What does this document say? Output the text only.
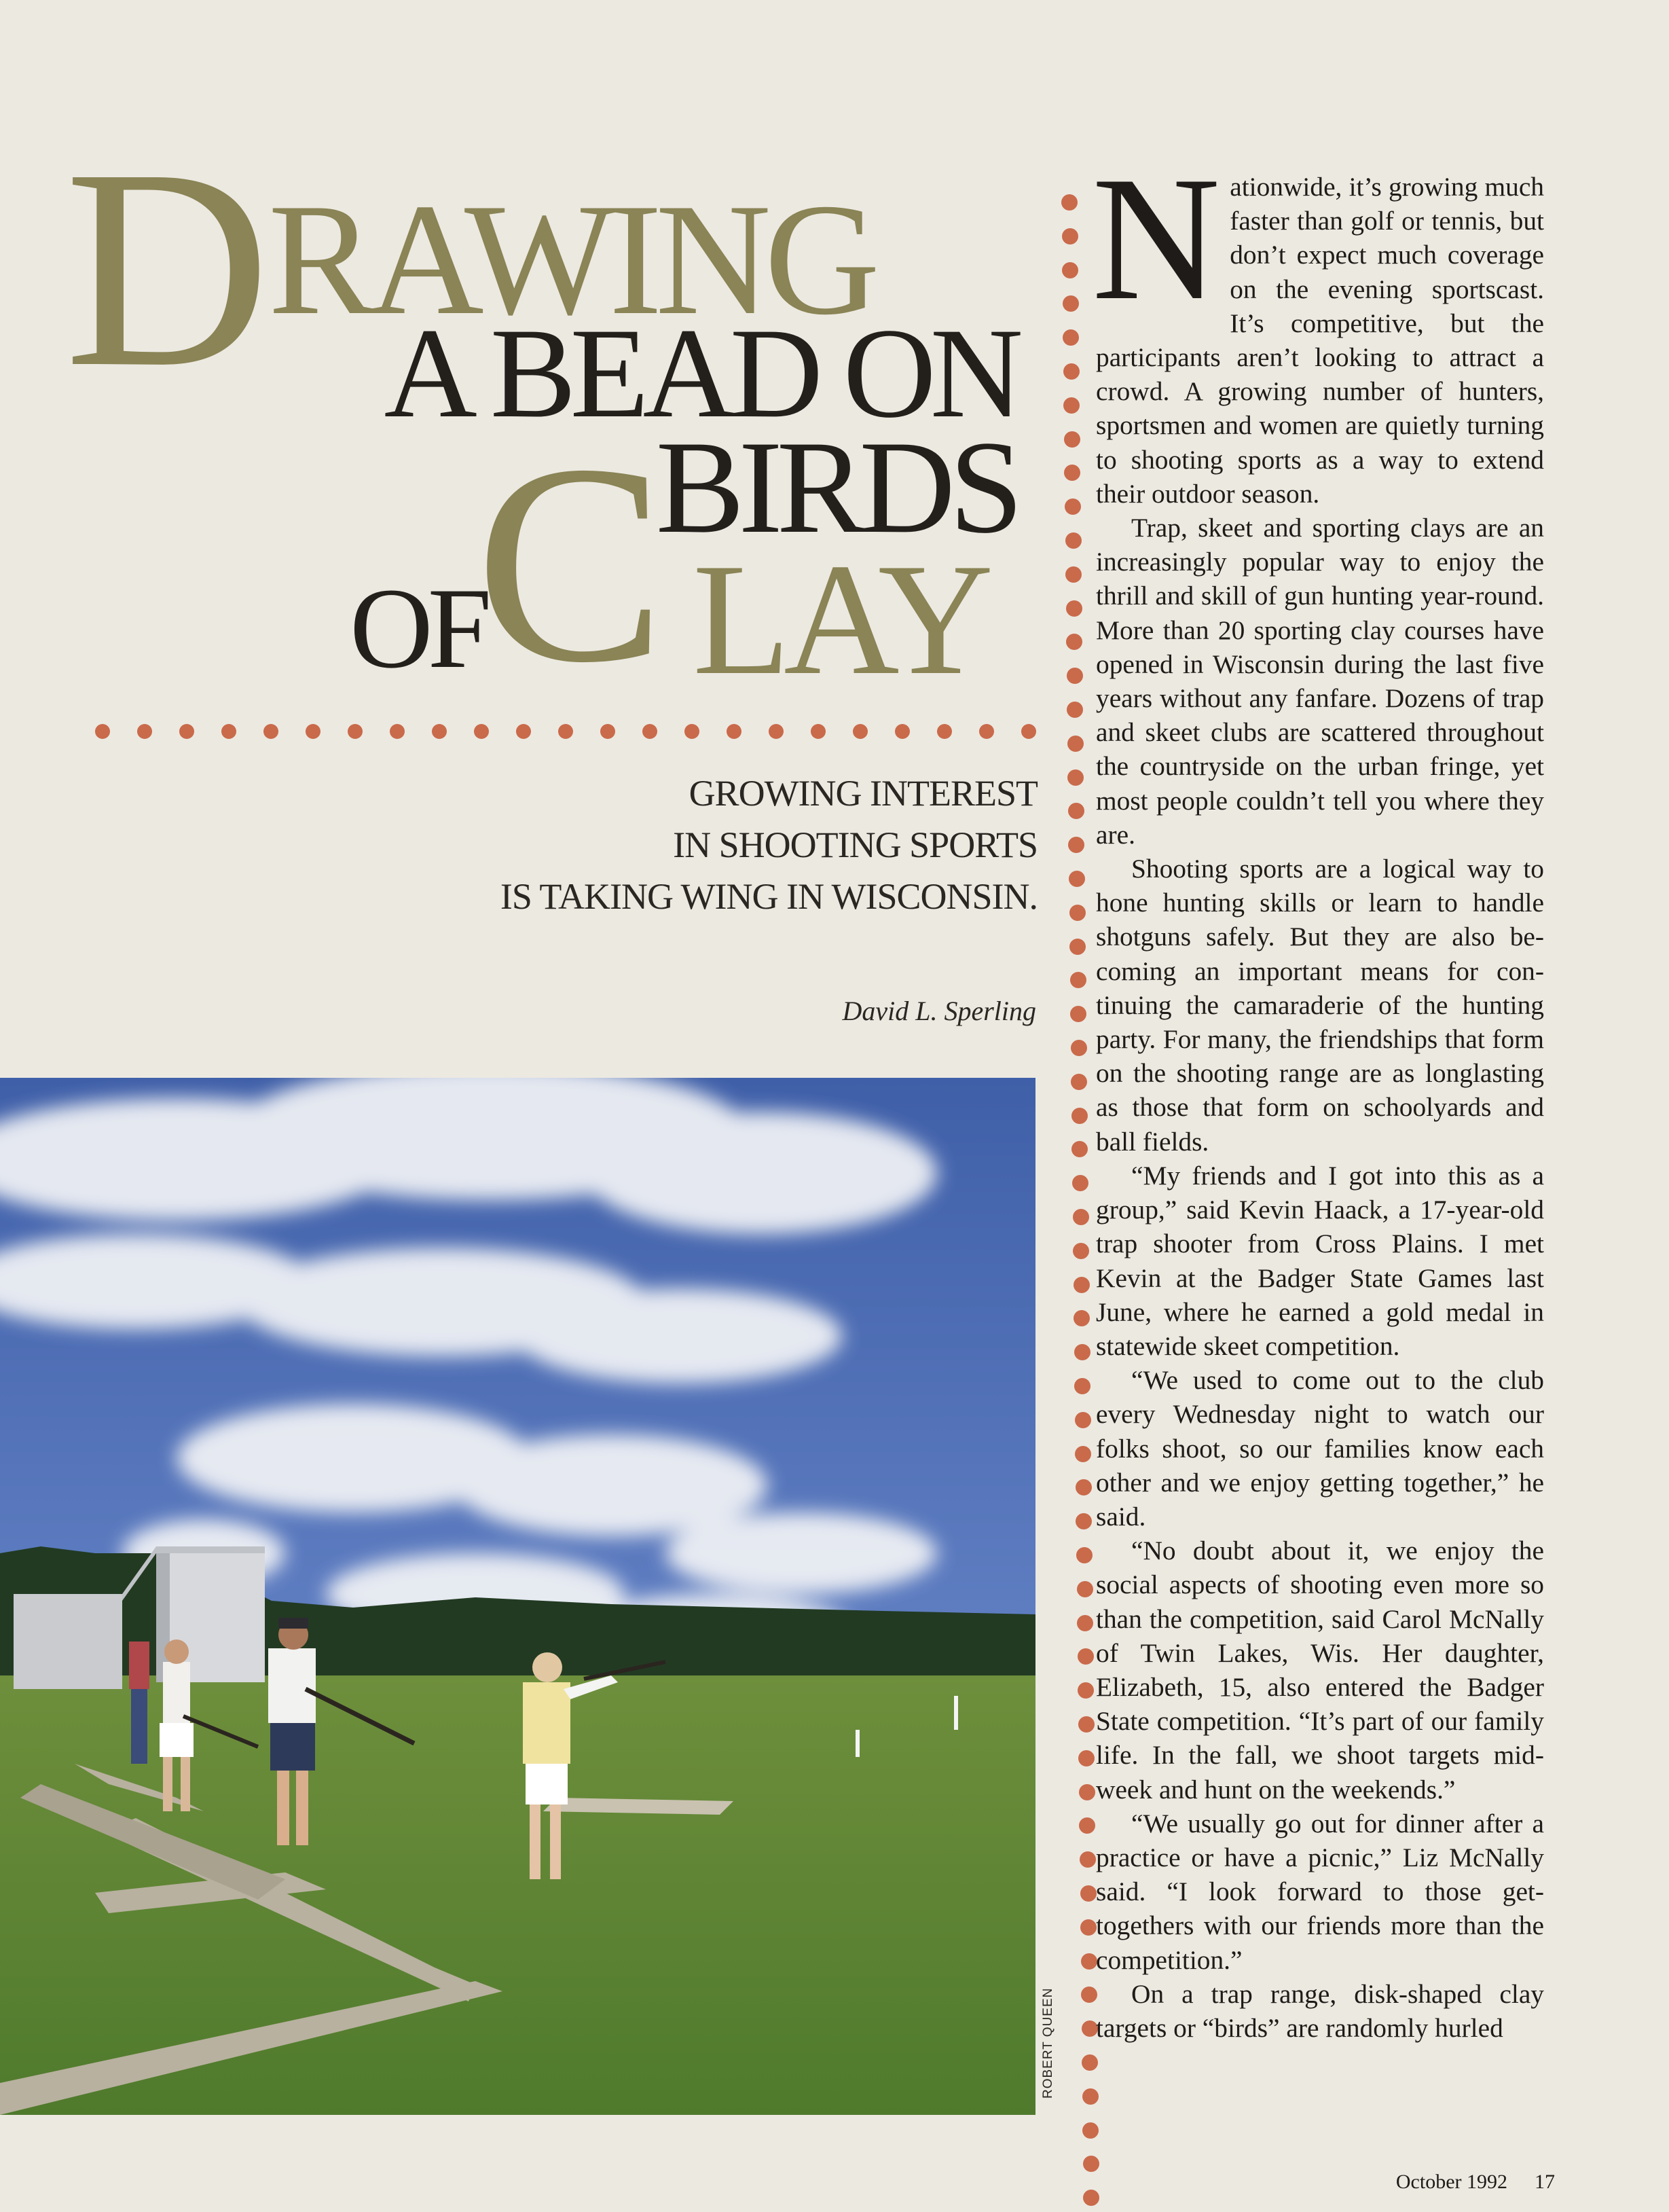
D RAWING
A BEAD ON
BIRDS
C
OF LAY
GROWING INTEREST
IN SHOOTING SPORTS
IS TAKING WING IN WISCONSIN.
David L. Sperling
ROBERT QUEEN

Nationwide, it’s growing much faster than golf or tennis, but don’t expect much coverage on the evening sportscast. It’s competitive, but the participants aren’t looking to attract a crowd. A growing number of hunters, sportsmen and women are quietly turning to shooting sports as a way to extend their outdoor season.

Trap, skeet and sporting clays are an increasingly popular way to enjoy the thrill and skill of gun hunting year-round. More than 20 sporting clay courses have opened in Wisconsin during the last five years without any fanfare. Dozens of trap and skeet clubs are scattered throughout the countryside on the urban fringe, yet most people couldn’t tell you where they are.

Shooting sports are a logical way to hone hunting skills or learn to handle shotguns safely. But they are also becoming an important means for continuing the camaraderie of the hunting party. For many, the friendships that form on the shooting range are as longlasting as those that form on schoolyards and ball fields.

“My friends and I got into this as a group,” said Kevin Haack, a 17-year-old trap shooter from Cross Plains. I met Kevin at the Badger State Games last June, where he earned a gold medal in statewide skeet competition.

“We used to come out to the club every Wednesday night to watch our folks shoot, so our families know each other and we enjoy getting together,” he said.

“No doubt about it, we enjoy the social aspects of shooting even more so than the competition, said Carol McNally of Twin Lakes, Wis. Her daughter, Elizabeth, 15, also entered the Badger State competition. “It’s part of our family life. In the fall, we shoot targets mid-week and hunt on the weekends.”

“We usually go out for dinner after a practice or have a picnic,” Liz McNally said. “I look forward to those get-togethers with our friends more than the competition.”

On a trap range, disk-shaped clay targets or “birds” are randomly hurled

October 1992 17
